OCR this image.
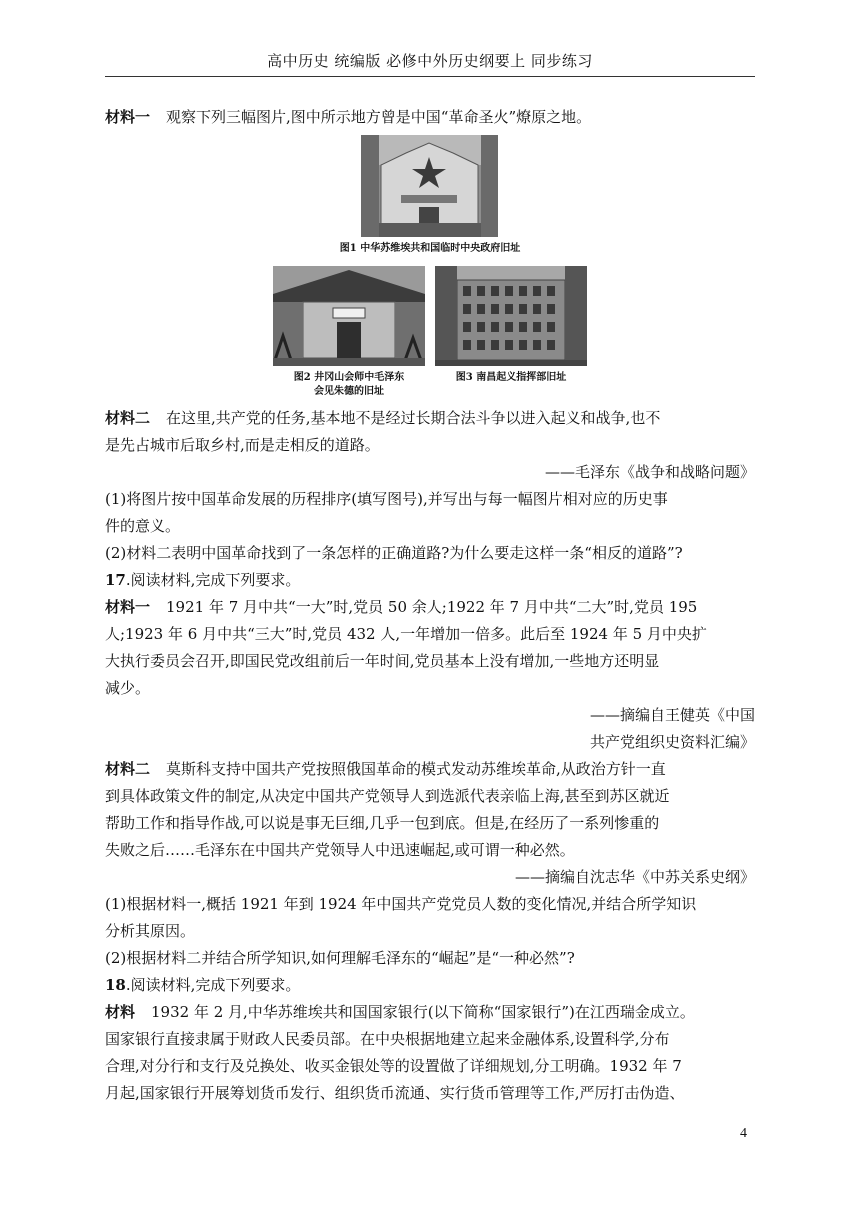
高中历史 统编版 必修中外历史纲要上 同步练习

材料一 观察下列三幅图片,图中所示地方曾是中国“革命圣火”燎原之地。

图1 中华苏维埃共和国临时中央政府旧址
图2 井冈山会师中毛泽东
会见朱德的旧址
图3 南昌起义指挥部旧址

材料二 在这里,共产党的任务,基本地不是经过长期合法斗争以进入起义和战争,也不

是先占城市后取乡村,而是走相反的道路。

——毛泽东《战争和战略问题》

(1)将图片按中国革命发展的历程排序(填写图号),并写出与每一幅图片相对应的历史事

件的意义。

(2)材料二表明中国革命找到了一条怎样的正确道路?为什么要走这样一条“相反的道路”?

17.阅读材料,完成下列要求。

材料一 1921 年 7 月中共“一大”时,党员 50 余人;1922 年 7 月中共“二大”时,党员 195

人;1923 年 6 月中共“三大”时,党员 432 人,一年增加一倍多。此后至 1924 年 5 月中央扩

大执行委员会召开,即国民党改组前后一年时间,党员基本上没有增加,一些地方还明显

减少。

——摘编自王健英《中国

共产党组织史资料汇编》

材料二 莫斯科支持中国共产党按照俄国革命的模式发动苏维埃革命,从政治方针一直

到具体政策文件的制定,从决定中国共产党领导人到选派代表亲临上海,甚至到苏区就近

帮助工作和指导作战,可以说是事无巨细,几乎一包到底。但是,在经历了一系列惨重的

失败之后……毛泽东在中国共产党领导人中迅速崛起,或可谓一种必然。

——摘编自沈志华《中苏关系史纲》

(1)根据材料一,概括 1921 年到 1924 年中国共产党党员人数的变化情况,并结合所学知识

分析其原因。

(2)根据材料二并结合所学知识,如何理解毛泽东的“崛起”是“一种必然”?

18.阅读材料,完成下列要求。

材料 1932 年 2 月,中华苏维埃共和国国家银行(以下简称“国家银行”)在江西瑞金成立。

国家银行直接隶属于财政人民委员部。在中央根据地建立起来金融体系,设置科学,分布

合理,对分行和支行及兑换处、收买金银处等的设置做了详细规划,分工明确。1932 年 7

月起,国家银行开展筹划货币发行、组织货币流通、实行货币管理等工作,严厉打击伪造、

4
